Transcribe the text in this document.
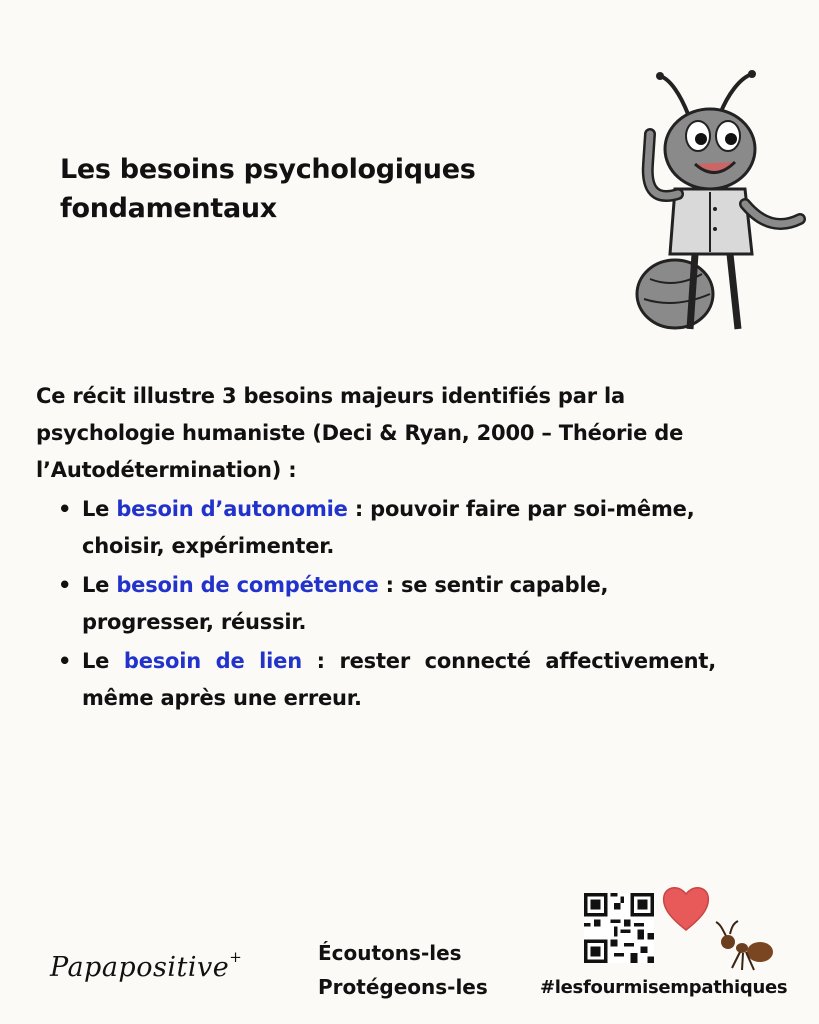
Les besoins psychologiques fondamentaux

Ce récit illustre 3 besoins majeurs identifiés par la psychologie humaniste (Deci & Ryan, 2000 – Théorie de l’Autodétermination) :

• Le besoin d’autonomie : pouvoir faire par soi-même, choisir, expérimenter.
• Le besoin de compétence : se sentir capable, progresser, réussir.
• Le besoin de lien : rester connecté affectivement, même après une erreur.
Papapositive+	Écoutons-les
Protégeons-les	#lesfourmisempathiques
